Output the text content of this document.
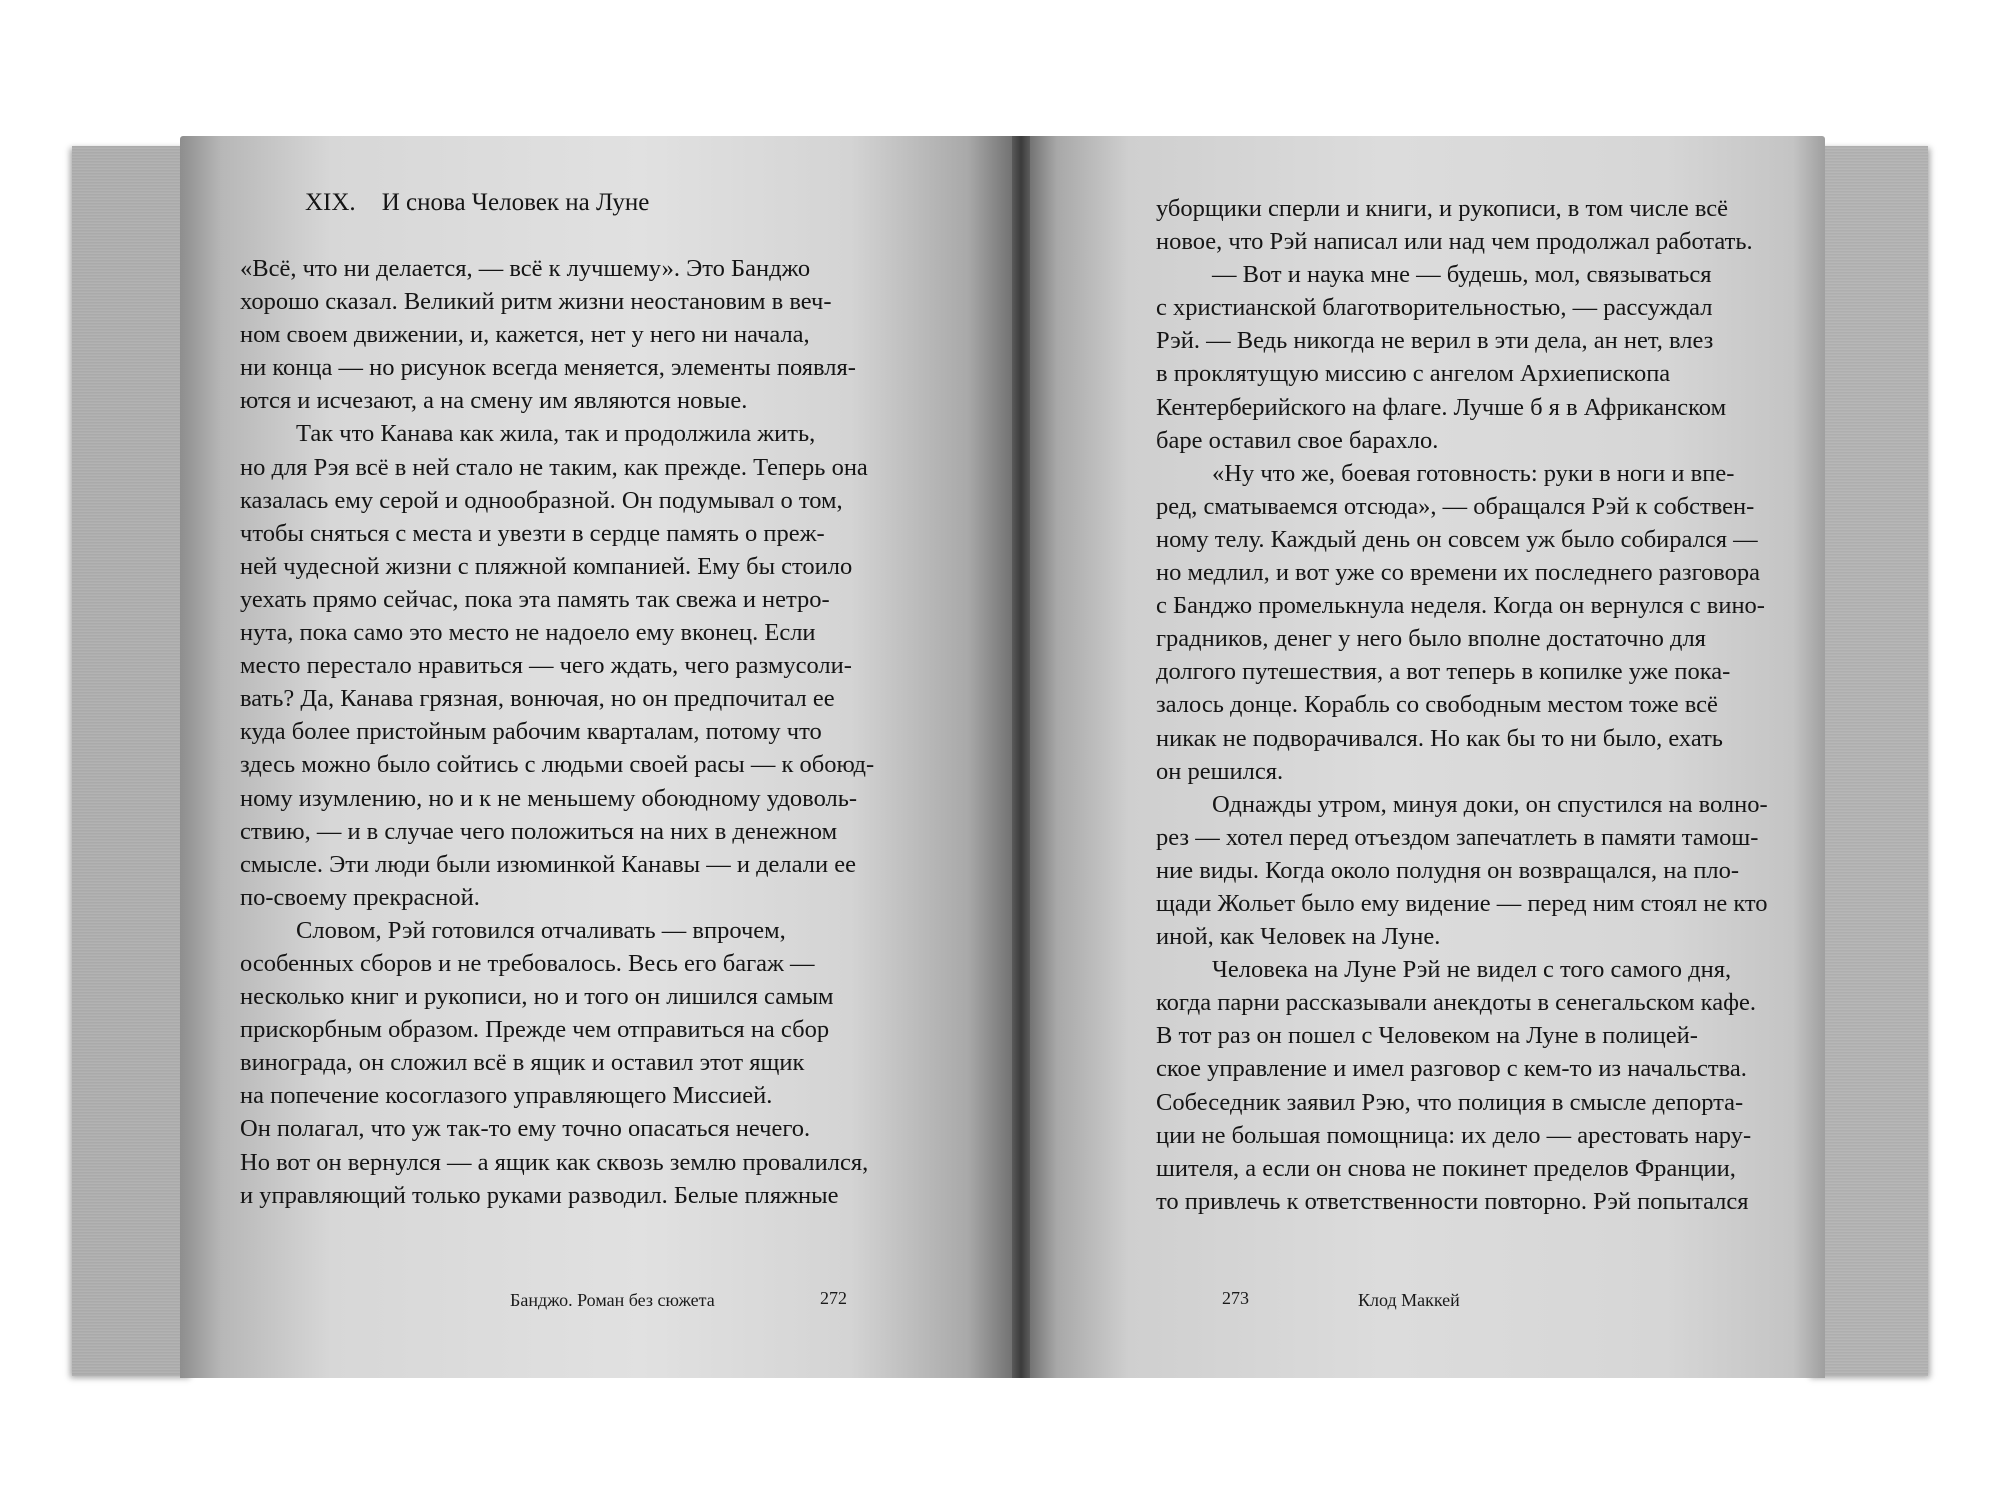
XIX. И снова Человек на Луне
«Всё, что ни делается, — всё к лучшему». Это Банджо
хорошо сказал. Великий ритм жизни неостановим в веч-
ном своем движении, и, кажется, нет у него ни начала,
ни конца — но рисунок всегда меняется, элементы появля-
ются и исчезают, а на смену им являются новые.
Так что Канава как жила, так и продолжила жить,
но для Рэя всё в ней стало не таким, как прежде. Теперь она
казалась ему серой и однообразной. Он подумывал о том,
чтобы сняться с места и увезти в сердце память о преж-
ней чудесной жизни с пляжной компанией. Ему бы стоило
уехать прямо сейчас, пока эта память так свежа и нетро-
нута, пока само это место не надоело ему вконец. Если
место перестало нравиться — чего ждать, чего размусоли-
вать? Да, Канава грязная, вонючая, но он предпочитал ее
куда более пристойным рабочим кварталам, потому что
здесь можно было сойтись с людьми своей расы — к обоюд-
ному изумлению, но и к не меньшему обоюдному удоволь-
ствию, — и в случае чего положиться на них в денежном
смысле. Эти люди были изюминкой Канавы — и делали ее
по-своему прекрасной.
Словом, Рэй готовился отчаливать — впрочем,
особенных сборов и не требовалось. Весь его багаж —
несколько книг и рукописи, но и того он лишился самым
прискорбным образом. Прежде чем отправиться на сбор
винограда, он сложил всё в ящик и оставил этот ящик
на попечение косоглазого управляющего Миссией.
Он полагал, что уж так-то ему точно опасаться нечего.
Но вот он вернулся — а ящик как сквозь землю провалился,
и управляющий только руками разводил. Белые пляжные
уборщики сперли и книги, и рукописи, в том числе всё
новое, что Рэй написал или над чем продолжал работать.
— Вот и наука мне — будешь, мол, связываться
с христианской благотворительностью, — рассуждал
Рэй. — Ведь никогда не верил в эти дела, ан нет, влез
в проклятущую миссию с ангелом Архиепископа
Кентерберийского на флаге. Лучше б я в Африканском
баре оставил свое барахло.
«Ну что же, боевая готовность: руки в ноги и впе-
ред, сматываемся отсюда», — обращался Рэй к собствен-
ному телу. Каждый день он совсем уж было собирался —
но медлил, и вот уже со времени их последнего разговора
с Банджо промелькнула неделя. Когда он вернулся с вино-
градников, денег у него было вполне достаточно для
долгого путешествия, а вот теперь в копилке уже пока-
залось донце. Корабль со свободным местом тоже всё
никак не подворачивался. Но как бы то ни было, ехать
он решился.
Однажды утром, минуя доки, он спустился на волно-
рез — хотел перед отъездом запечатлеть в памяти тамош-
ние виды. Когда около полудня он возвращался, на пло-
щади Жольет было ему видение — перед ним стоял не кто
иной, как Человек на Луне.
Человека на Луне Рэй не видел с того самого дня,
когда парни рассказывали анекдоты в сенегальском кафе.
В тот раз он пошел с Человеком на Луне в полицей-
ское управление и имел разговор с кем-то из начальства.
Собеседник заявил Рэю, что полиция в смысле депорта-
ции не большая помощница: их дело — арестовать нару-
шителя, а если он снова не покинет пределов Франции,
то привлечь к ответственности повторно. Рэй попытался
Банджо. Роман без сюжета	272	273	Клод Маккей
